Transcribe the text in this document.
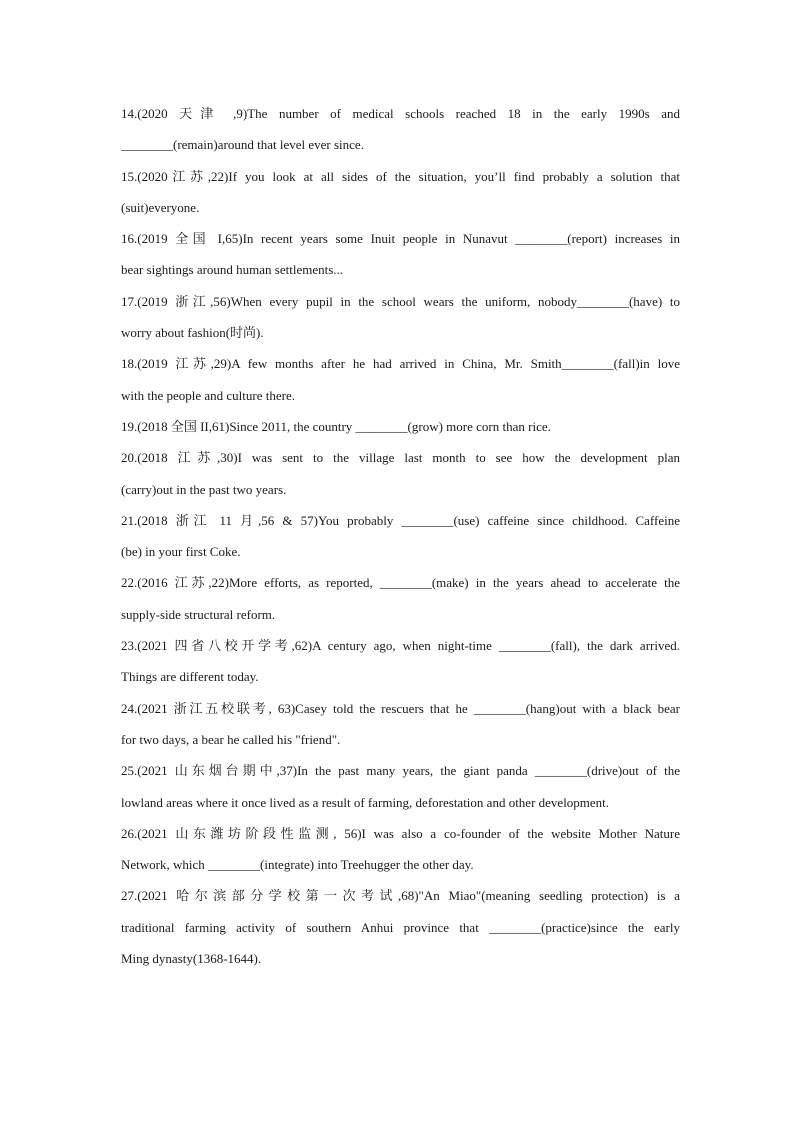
14.(2020 天津 ,9)The number of medical schools reached 18 in the early 1990s and
________(remain)around that level ever since.
15.(2020江苏,22)If you look at all sides of the situation, you’ll find probably a solution that
(suit)everyone.
16.(2019 全国 I,65)In recent years some Inuit people in Nunavut ________(report) increases in
bear sightings around human settlements...
17.(2019 浙江,56)When every pupil in the school wears the uniform, nobody________(have) to
worry about fashion(时尚).
18.(2019 江苏,29)A few months after he had arrived in China, Mr. Smith________(fall)in love
with the people and culture there.
19.(2018 全国 II,61)Since 2011, the country ________(grow) more corn than rice.
20.(2018 江苏,30)I was sent to the village last month to see how the development plan
(carry)out in the past two years.
21.(2018 浙江 11 月,56 & 57)You probably ________(use) caffeine since childhood. Caffeine
(be) in your first Coke.
22.(2016 江苏,22)More efforts, as reported, ________(make) in the years ahead to accelerate the
supply-side structural reform.
23.(2021 四省八校开学考,62)A century ago, when night-time ________(fall), the dark arrived.
Things are different today.
24.(2021 浙江五校联考, 63)Casey told the rescuers that he ________(hang)out with a black bear
for two days, a bear he called his "friend".
25.(2021 山东烟台期中,37)In the past many years, the giant panda ________(drive)out of the
lowland areas where it once lived as a result of farming, deforestation and other development.
26.(2021 山东潍坊阶段性监测, 56)I was also a co-founder of the website Mother Nature
Network, which ________(integrate) into Treehugger the other day.
27.(2021 哈尔滨部分学校第一次考试,68)"An Miao"(meaning seedling protection) is a
traditional farming activity of southern Anhui province that ________(practice)since the early
Ming dynasty(1368-1644).
